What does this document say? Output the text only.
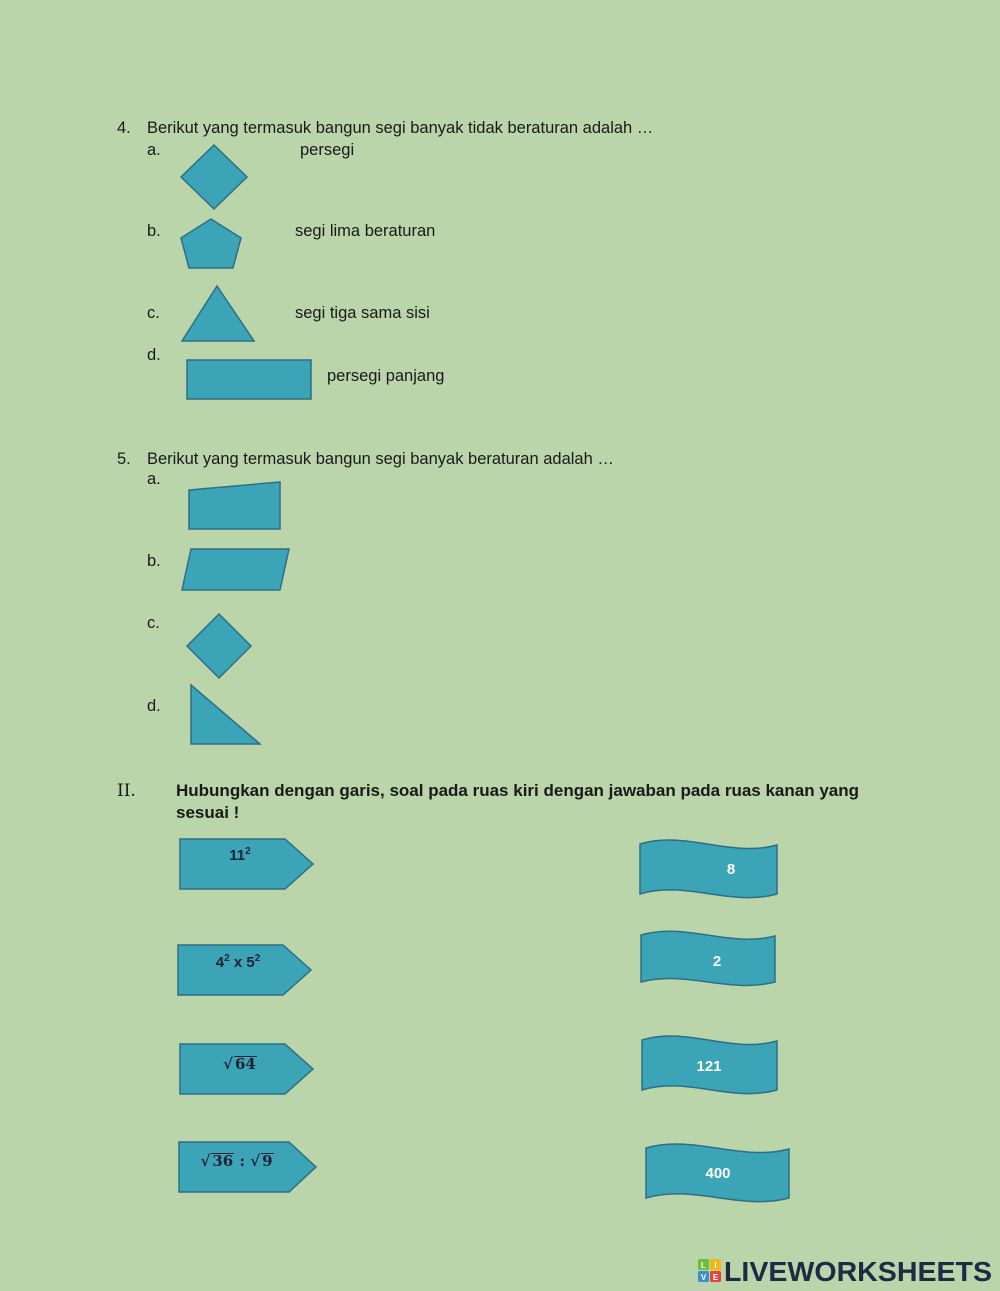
4. Berikut yang termasuk bangun segi banyak tidak beraturan adalah …
a.	persegi
b.	segi lima beraturan
c.	segi tiga sama sisi
d.
persegi panjang
5. Berikut yang termasuk bangun segi banyak beraturan adalah …
a.
b.
c.
d.
II. Hubungkan dengan garis, soal pada ruas kiri dengan jawaban pada ruas kanan yang
sesuai !
$11^2$
$4^2$ x $5^2$
√ 64
√ 36 : √ 9
8
2
121
400
L I
V E LIVEWORKSHEETS
